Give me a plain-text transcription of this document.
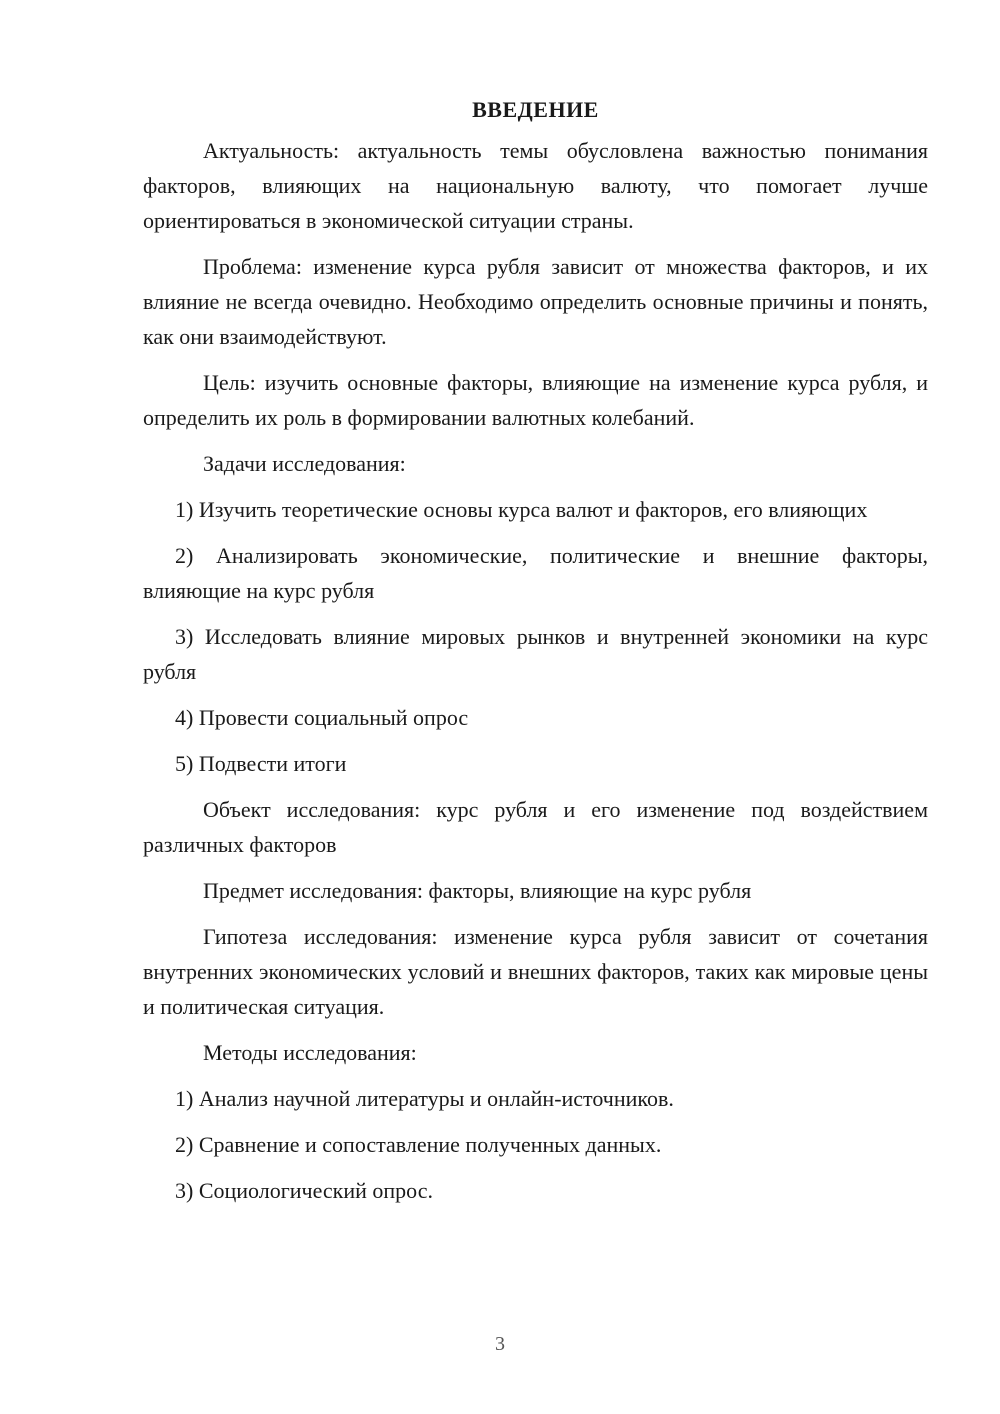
ВВЕДЕНИЕ

Актуальность: актуальность темы обусловлена важностью понимания факторов, влияющих на национальную валюту, что помогает лучше ориентироваться в экономической ситуации страны.

Проблема: изменение курса рубля зависит от множества факторов, и их влияние не всегда очевидно. Необходимо определить основные причины и понять, как они взаимодействуют.

Цель: изучить основные факторы, влияющие на изменение курса рубля, и определить их роль в формировании валютных колебаний.

Задачи исследования:

1) Изучить теоретические основы курса валют и факторов, его влияющих

2) Анализировать экономические, политические и внешние факторы, влияющие на курс рубля

3) Исследовать влияние мировых рынков и внутренней экономики на курс рубля

4) Провести социальный опрос

5) Подвести итоги

Объект исследования: курс рубля и его изменение под воздействием различных факторов

Предмет исследования: факторы, влияющие на курс рубля

Гипотеза исследования: изменение курса рубля зависит от сочетания внутренних экономических условий и внешних факторов, таких как мировые цены и политическая ситуация.

Методы исследования:

1) Анализ научной литературы и онлайн-источников.

2) Сравнение и сопоставление полученных данных.

3) Социологический опрос.

3
